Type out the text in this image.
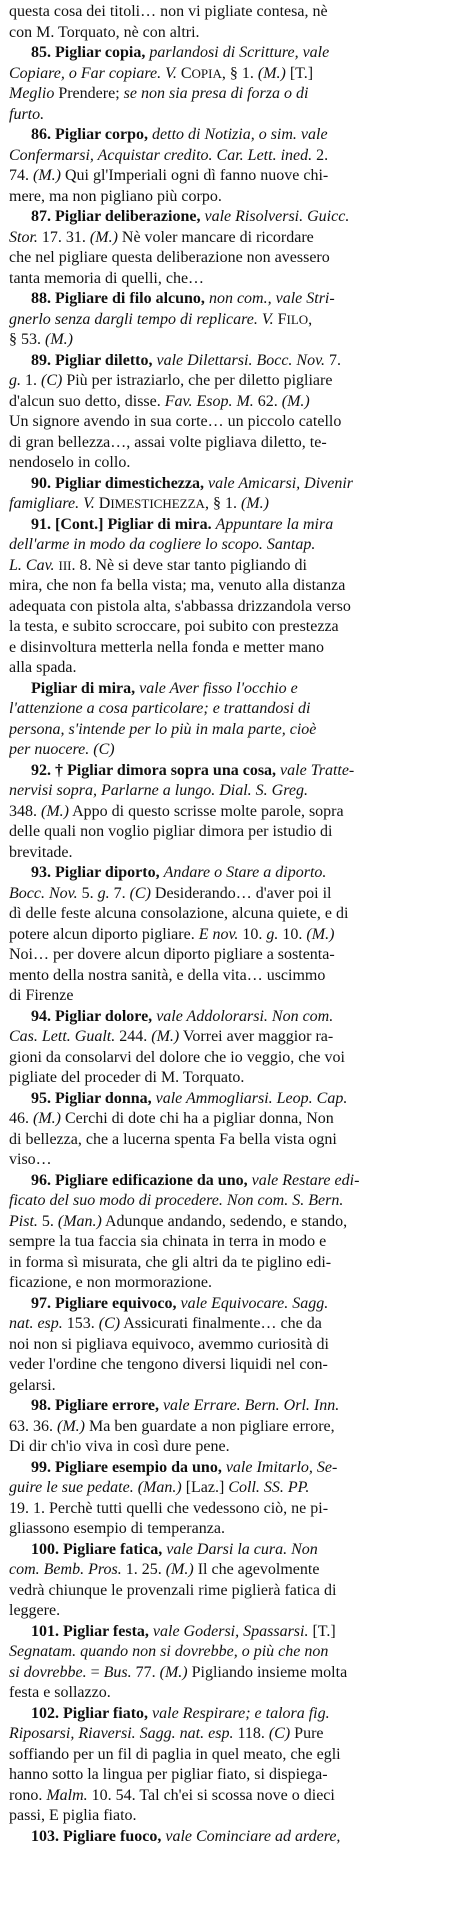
questa cosa dei titoli… non vi pigliate contesa, nè
con M. Torquato, nè con altri.
85. Pigliar copia, parlandosi di Scritture, vale
Copiare, o Far copiare. V. COPIA, § 1. (M.) [T.]
Meglio Prendere; se non sia presa di forza o di
furto.
86. Pigliar corpo, detto di Notizia, o sim. vale
Confermarsi, Acquistar credito. Car. Lett. ined. 2.
74. (M.) Qui gl'Imperiali ogni dì fanno nuove chi-
mere, ma non pigliano più corpo.
87. Pigliar deliberazione, vale Risolversi. Guicc.
Stor. 17. 31. (M.) Nè voler mancare di ricordare
che nel pigliare questa deliberazione non avessero
tanta memoria di quelli, che…
88. Pigliare di filo alcuno, non com., vale Stri-
gnerlo senza dargli tempo di replicare. V. FILO,
§ 53. (M.)
89. Pigliar diletto, vale Dilettarsi. Bocc. Nov. 7.
g. 1. (C) Più per istraziarlo, che per diletto pigliare
d'alcun suo detto, disse. Fav. Esop. M. 62. (M.)
Un signore avendo in sua corte… un piccolo catello
di gran bellezza…, assai volte pigliava diletto, te-
nendoselo in collo.
90. Pigliar dimestichezza, vale Amicarsi, Divenir
famigliare. V. DIMESTICHEZZA, § 1. (M.)
91. [Cont.] Pigliar di mira. Appuntare la mira
dell'arme in modo da cogliere lo scopo. Santap.
L. Cav. III. 8. Nè si deve star tanto pigliando di
mira, che non fa bella vista; ma, venuto alla distanza
adequata con pistola alta, s'abbassa drizzandola verso
la testa, e subito scroccare, poi subito con prestezza
e disinvoltura metterla nella fonda e metter mano
alla spada.
Pigliar di mira, vale Aver fisso l'occhio e
l'attenzione a cosa particolare; e trattandosi di
persona, s'intende per lo più in mala parte, cioè
per nuocere. (C)
92. † Pigliar dimora sopra una cosa, vale Tratte-
nervisi sopra, Parlarne a lungo. Dial. S. Greg.
348. (M.) Appo di questo scrisse molte parole, sopra
delle quali non voglio pigliar dimora per istudio di
brevitade.
93. Pigliar diporto, Andare o Stare a diporto.
Bocc. Nov. 5. g. 7. (C) Desiderando… d'aver poi il
dì delle feste alcuna consolazione, alcuna quiete, e di
potere alcun diporto pigliare. E nov. 10. g. 10. (M.)
Noi… per dovere alcun diporto pigliare a sostenta-
mento della nostra sanità, e della vita… uscimmo
di Firenze
94. Pigliar dolore, vale Addolorarsi. Non com.
Cas. Lett. Gualt. 244. (M.) Vorrei aver maggior ra-
gioni da consolarvi del dolore che io veggio, che voi
pigliate del proceder di M. Torquato.
95. Pigliar donna, vale Ammogliarsi. Leop. Cap.
46. (M.) Cerchi di dote chi ha a pigliar donna, Non
di bellezza, che a lucerna spenta Fa bella vista ogni
viso…
96. Pigliare edificazione da uno, vale Restare edi-
ficato del suo modo di procedere. Non com. S. Bern.
Pist. 5. (Man.) Adunque andando, sedendo, e stando,
sempre la tua faccia sia chinata in terra in modo e
in forma sì misurata, che gli altri da te piglino edi-
ficazione, e non mormorazione.
97. Pigliare equivoco, vale Equivocare. Sagg.
nat. esp. 153. (C) Assicurati finalmente… che da
noi non si pigliava equivoco, avemmo curiosità di
veder l'ordine che tengono diversi liquidi nel con-
gelarsi.
98. Pigliare errore, vale Errare. Bern. Orl. Inn.
63. 36. (M.) Ma ben guardate a non pigliare errore,
Di dir ch'io viva in così dure pene.
99. Pigliare esempio da uno, vale Imitarlo, Se-
guire le sue pedate. (Man.) [Laz.] Coll. SS. PP.
19. 1. Perchè tutti quelli che vedessono ciò, ne pi-
gliassono esempio di temperanza.
100. Pigliare fatica, vale Darsi la cura. Non
com. Bemb. Pros. 1. 25. (M.) Il che agevolmente
vedrà chiunque le provenzali rime piglierà fatica di
leggere.
101. Pigliar festa, vale Godersi, Spassarsi. [T.]
Segnatam. quando non si dovrebbe, o più che non
si dovrebbe. = Bus. 77. (M.) Pigliando insieme molta
festa e sollazzo.
102. Pigliar fiato, vale Respirare; e talora fig.
Riposarsi, Riaversi. Sagg. nat. esp. 118. (C) Pure
soffiando per un fil di paglia in quel meato, che egli
hanno sotto la lingua per pigliar fiato, si dispiega-
rono. Malm. 10. 54. Tal ch'ei si scossa nove o dieci
passi, E piglia fiato.
103. Pigliare fuoco, vale Cominciare ad ardere,
